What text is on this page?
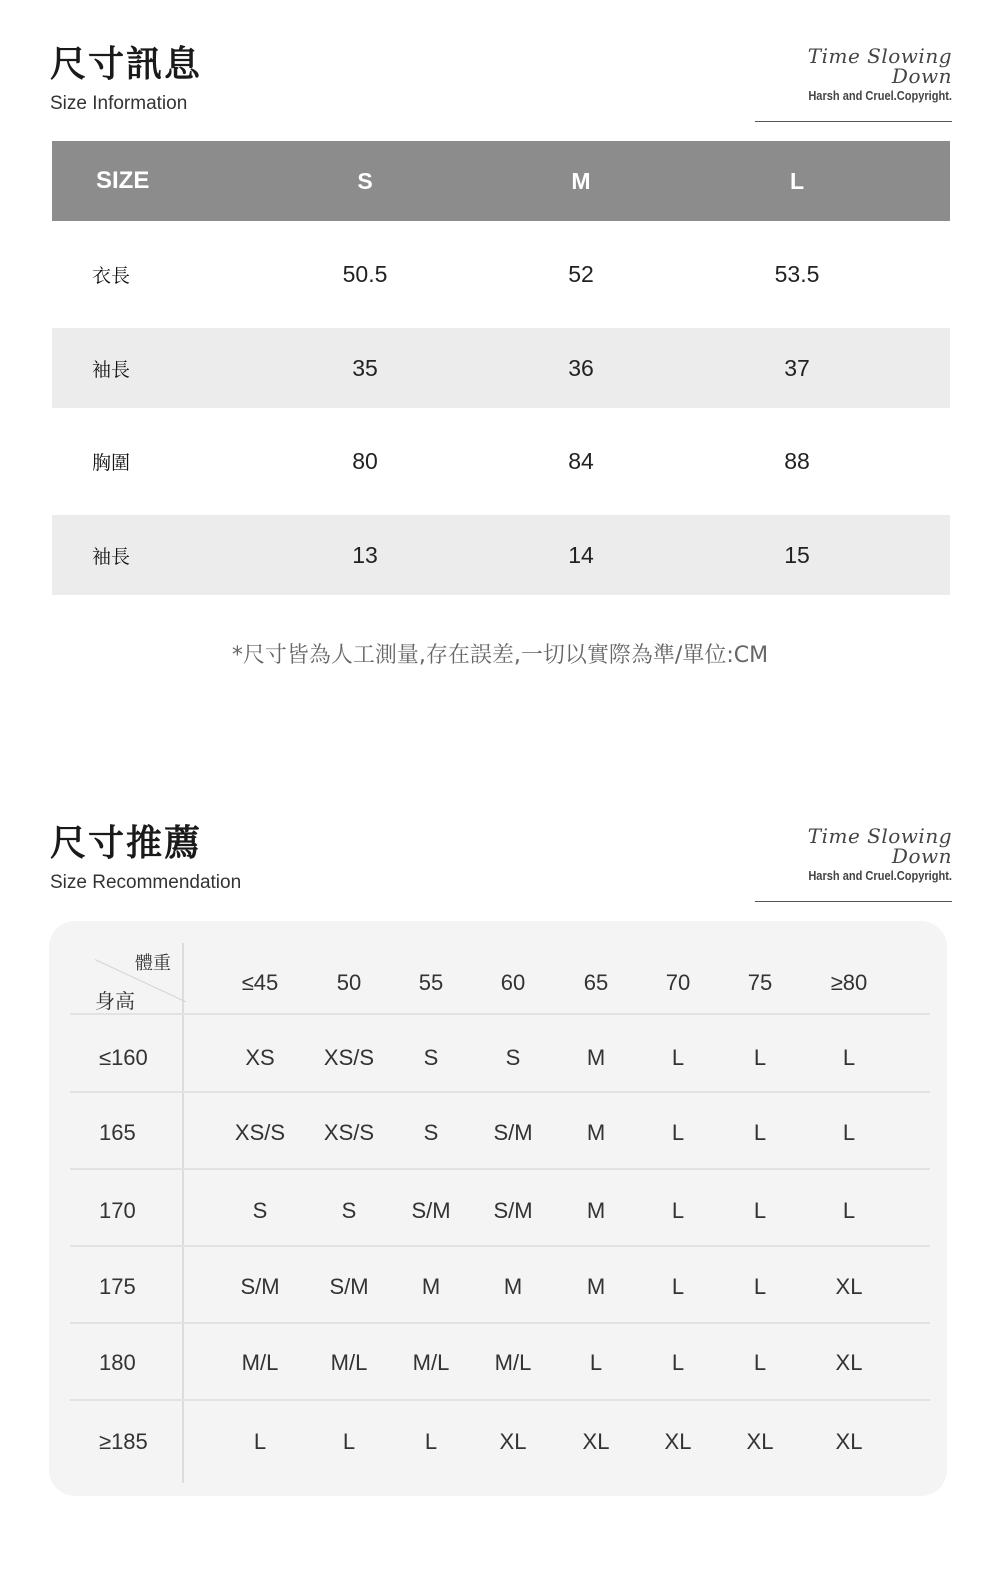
尺寸訊息
Size Information
Time Slowing Down
Harsh and Cruel.Copyright.
SIZE	S	M	L
衣長	50.5	52	53.5
袖長	35	36	37
胸圍	80	84	88
袖長	13	14	15
*尺寸皆為人工測量,存在誤差,一切以實際為準/單位:CM
尺寸推薦
Size Recommendation
Time Slowing Down
Harsh and Cruel.Copyright.
體重
身高
≤45	50	55	60	65	70	75	≥80
≤160	XS	XS/S	S	S	M	L	L	L
165	XS/S	XS/S	S	S/M	M	L	L	L
170	S	S	S/M	S/M	M	L	L	L
175	S/M	S/M	M	M	M	L	L	XL
180	M/L	M/L	M/L	M/L	L	L	L	XL
≥185	L	L	L	XL	XL	XL	XL	XL
